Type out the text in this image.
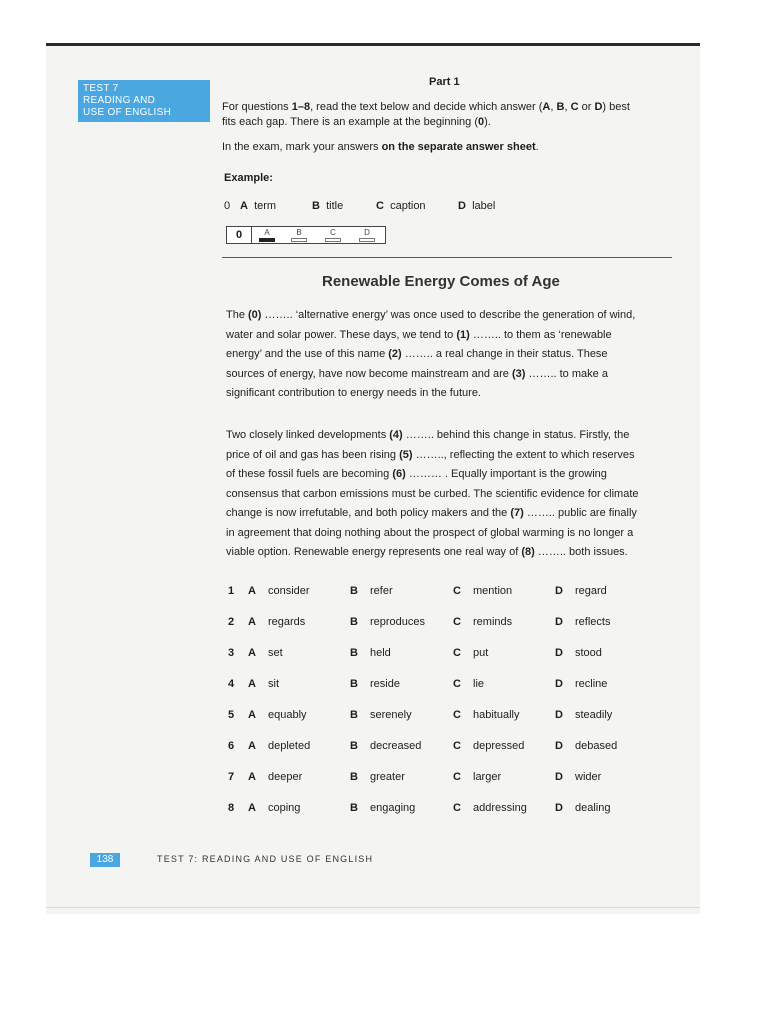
TEST 7
READING AND
USE OF ENGLISH
Part 1
For questions 1–8, read the text below and decide which answer (A, B, C or D) best
fits each gap. There is an example at the beginning (0).
In the exam, mark your answers on the separate answer sheet.
Example:
0 A term	B title	C caption	D label
0	A	B	C	D
Renewable Energy Comes of Age
The (0) …….. ‘alternative energy’ was once used to describe the generation of wind,
water and solar power. These days, we tend to (1) …….. to them as ‘renewable
energy’ and the use of this name (2) …….. a real change in their status. These
sources of energy, have now become mainstream and are (3) …….. to make a
significant contribution to energy needs in the future.
Two closely linked developments (4) …….. behind this change in status. Firstly, the
price of oil and gas has been rising (5) …….., reflecting the extent to which reserves
of these fossil fuels are becoming (6) ……… . Equally important is the growing
consensus that carbon emissions must be curbed. The scientific evidence for climate
change is now irrefutable, and both policy makers and the (7) …….. public are finally
in agreement that doing nothing about the prospect of global warming is no longer a
viable option. Renewable energy represents one real way of (8) …….. both issues.
1 A consider	B refer	C mention	D regard
2 A regards	B reproduces	C reminds	D reflects
3 A set	B held	C put	D stood
4 A sit	B reside	C lie	D recline
5 A equably	B serenely	C habitually	D steadily
6 A depleted	B decreased	C depressed	D debased
7 A deeper	B greater	C larger	D wider
8 A coping	B engaging	C addressing	D dealing
138	TEST 7: READING AND USE OF ENGLISH
